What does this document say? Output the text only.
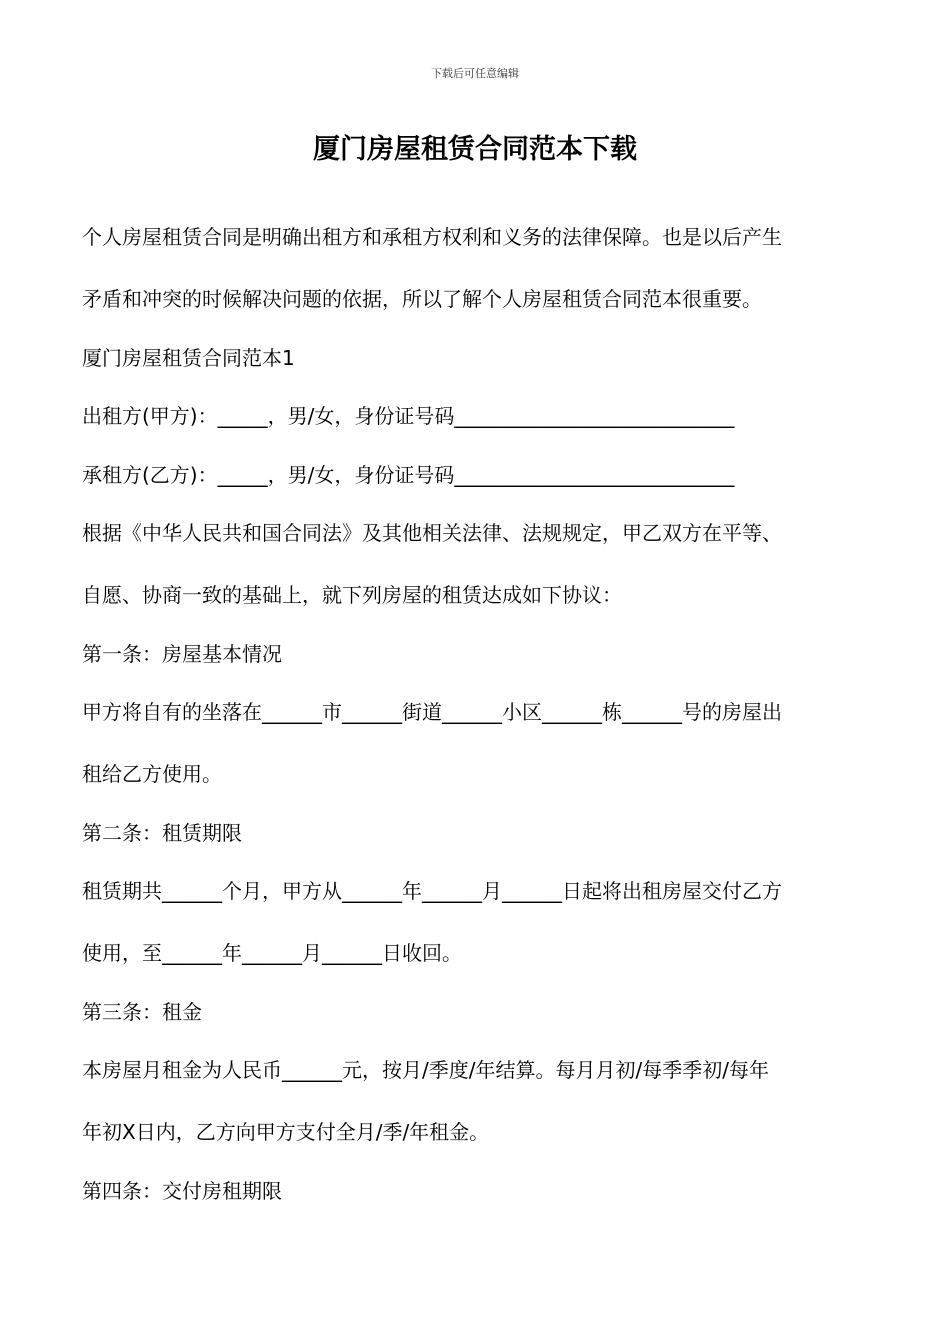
下载后可任意编辑
厦门房屋租赁合同范本下载

个人房屋租赁合同是明确出租方和承租方权利和义务的法律保障。也是以后产生

矛盾和冲突的时候解决问题的依据，所以了解个人房屋租赁合同范本很重要。

厦门房屋租赁合同范本1

出租方(甲方)：_____，男/女，身份证号码____________________________

承租方(乙方)：_____，男/女，身份证号码____________________________

根据《中华人民共和国合同法》及其他相关法律、法规规定，甲乙双方在平等、

自愿、协商一致的基础上，就下列房屋的租赁达成如下协议：

第一条：房屋基本情况

甲方将自有的坐落在______市______街道______小区______栋______号的房屋出

租给乙方使用。

第二条：租赁期限

租赁期共______个月，甲方从______年______月______日起将出租房屋交付乙方

使用，至______年______月______日收回。

第三条：租金

本房屋月租金为人民币______元，按月/季度/年结算。每月月初/每季季初/每年

年初X日内，乙方向甲方支付全月/季/年租金。

第四条：交付房租期限
